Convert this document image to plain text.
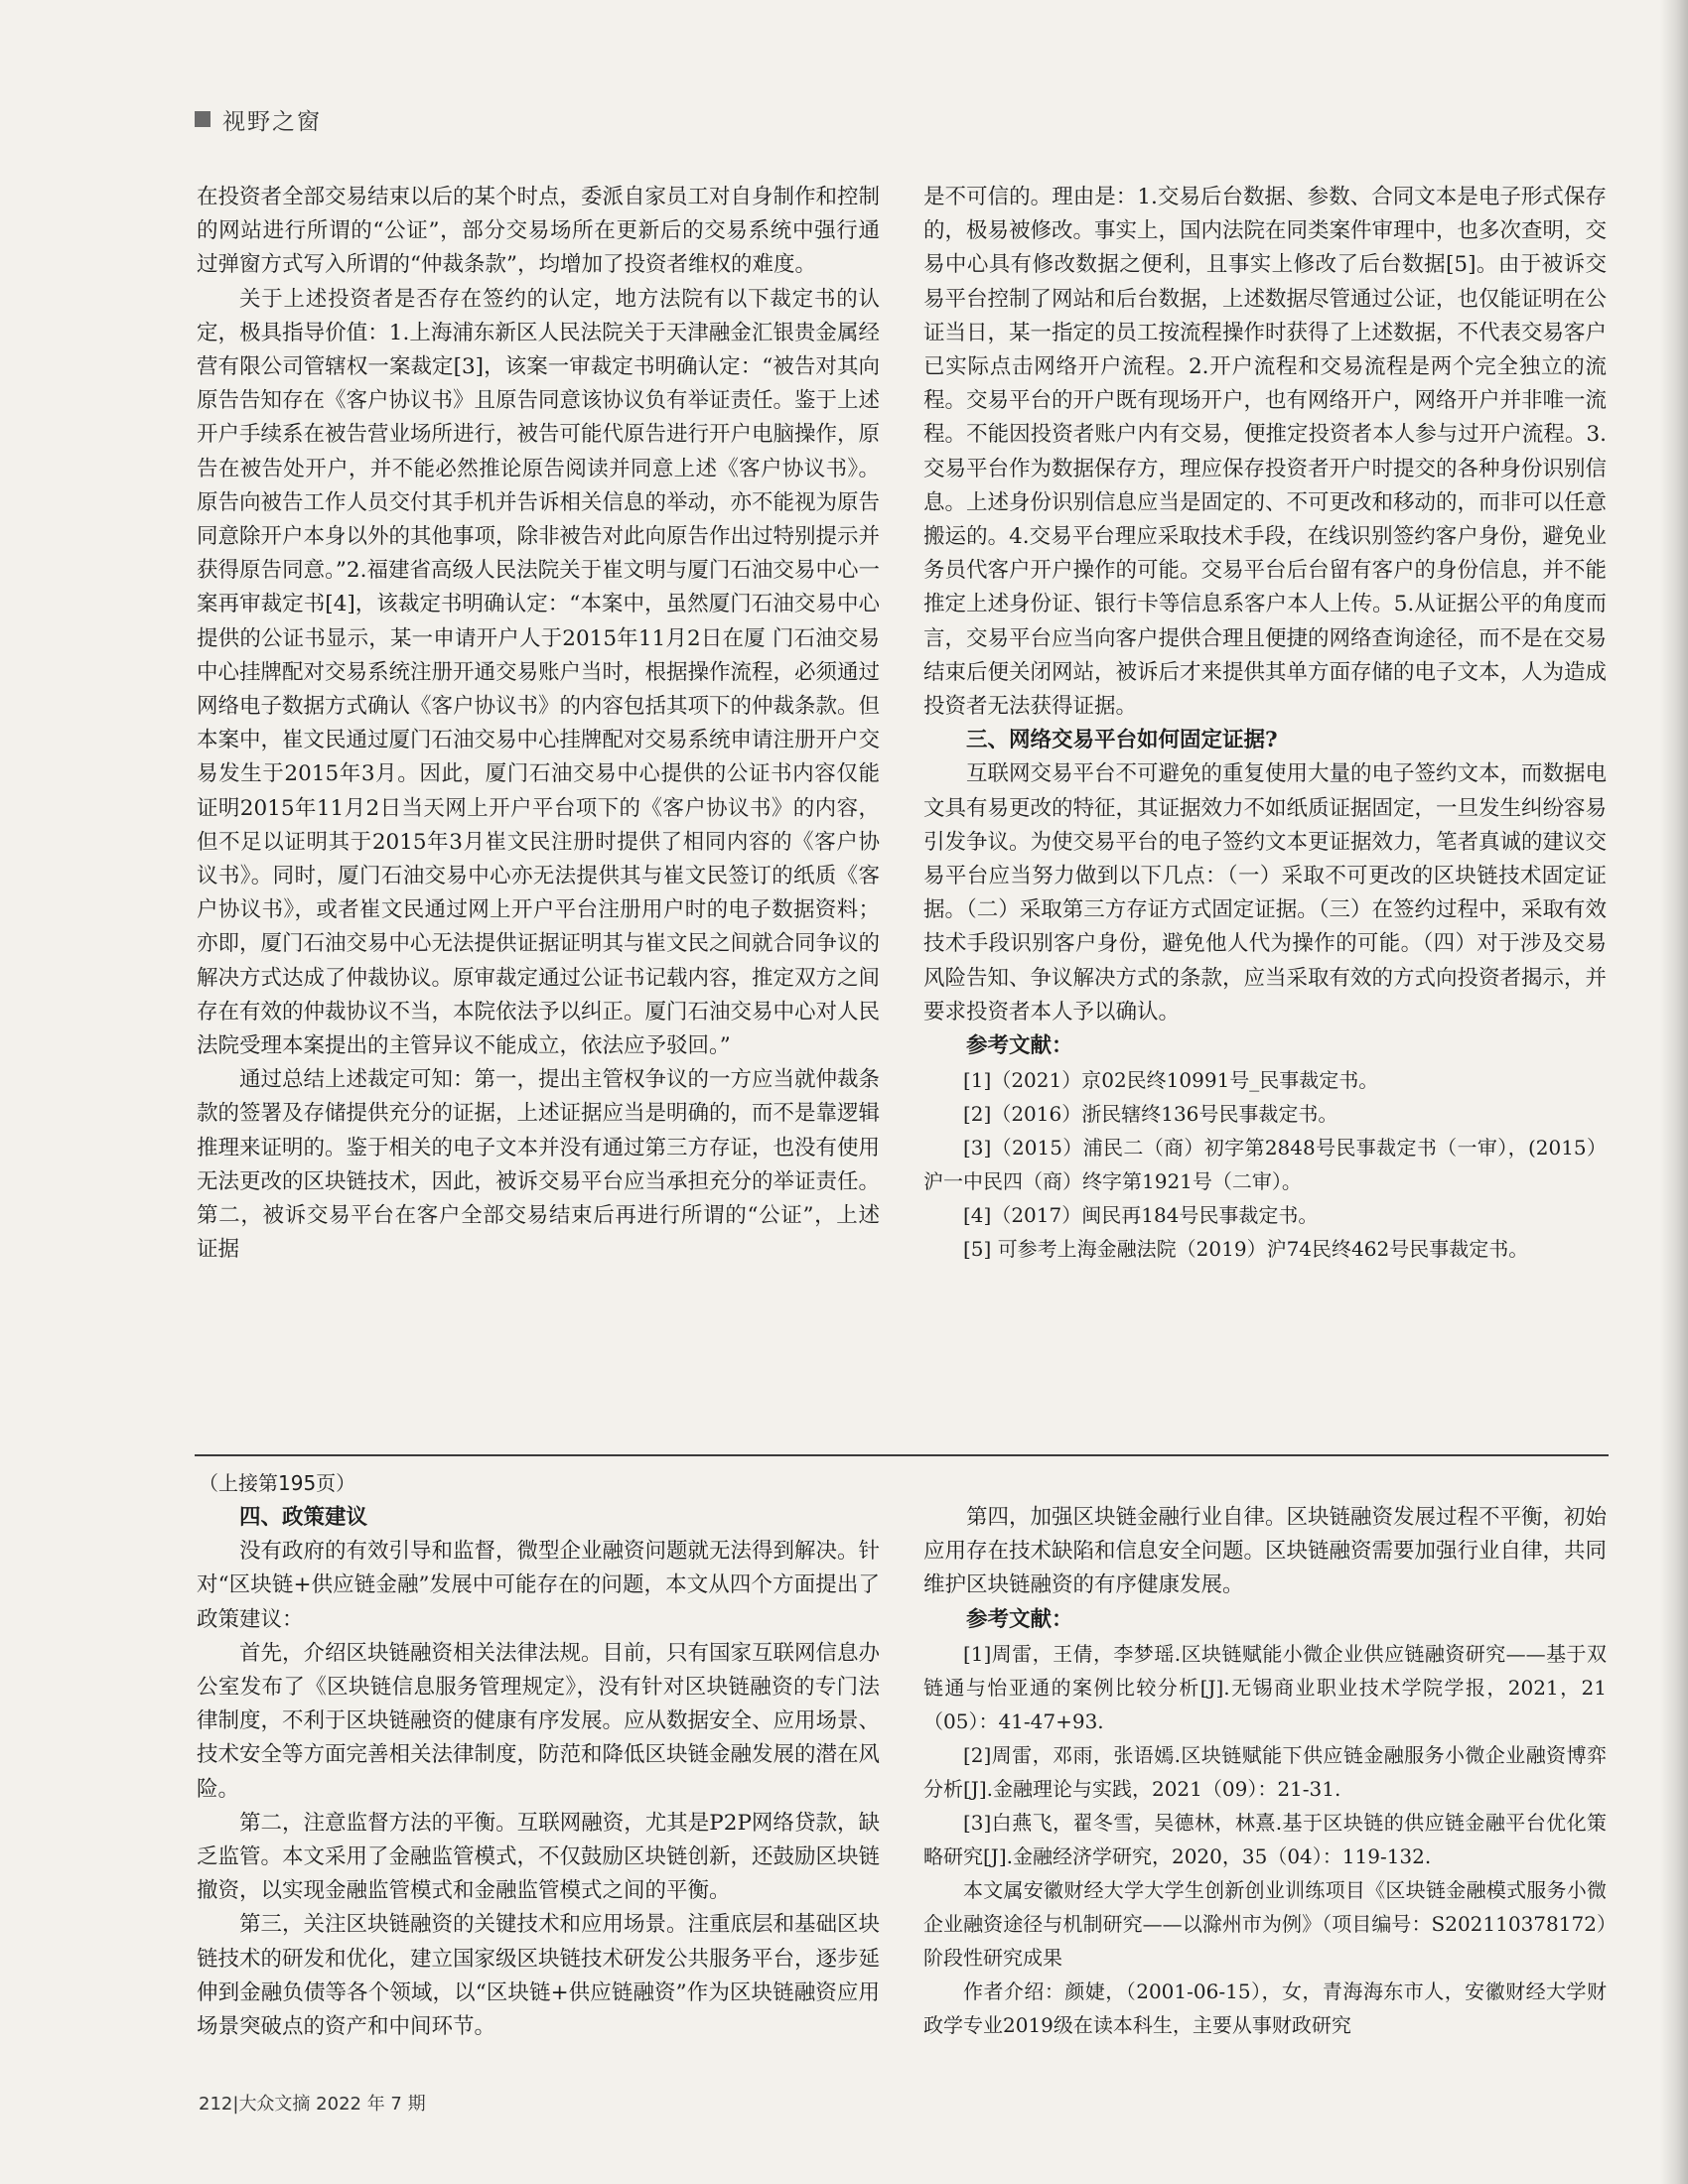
视野之窗

在投资者全部交易结束以后的某个时点，委派自家员工对自身制作和控制的网站进行所谓的“公证”，部分交易场所在更新后的交易系统中强行通过弹窗方式写入所谓的“仲裁条款”，均增加了投资者维权的难度。

关于上述投资者是否存在签约的认定，地方法院有以下裁定书的认定，极具指导价值：1.上海浦东新区人民法院关于天津融金汇银贵金属经营有限公司管辖权一案裁定[3]，该案一审裁定书明确认定：“被告对其向原告告知存在《客户协议书》且原告同意该协议负有举证责任。鉴于上述开户手续系在被告营业场所进行，被告可能代原告进行开户电脑操作，原告在被告处开户，并不能必然推论原告阅读并同意上述《客户协议书》。原告向被告工作人员交付其手机并告诉相关信息的举动，亦不能视为原告同意除开户本身以外的其他事项，除非被告对此向原告作出过特别提示并获得原告同意。”2.福建省高级人民法院关于崔文明与厦门石油交易中心一案再审裁定书[4]，该裁定书明确认定：“本案中，虽然厦门石油交易中心提供的公证书显示，某一申请开户人于2015年11月2日在厦 门石油交易中心挂牌配对交易系统注册开通交易账户当时，根据操作流程，必须通过网络电子数据方式确认《客户协议书》的内容包括其项下的仲裁条款。但本案中，崔文民通过厦门石油交易中心挂牌配对交易系统申请注册开户交易发生于2015年3月。因此，厦门石油交易中心提供的公证书内容仅能证明2015年11月2日当天网上开户平台项下的《客户协议书》的内容，但不足以证明其于2015年3月崔文民注册时提供了相同内容的《客户协议书》。同时，厦门石油交易中心亦无法提供其与崔文民签订的纸质《客户协议书》，或者崔文民通过网上开户平台注册用户时的电子数据资料；亦即，厦门石油交易中心无法提供证据证明其与崔文民之间就合同争议的解决方式达成了仲裁协议。原审裁定通过公证书记载内容，推定双方之间存在有效的仲裁协议不当，本院依法予以纠正。厦门石油交易中心对人民法院受理本案提出的主管异议不能成立，依法应予驳回。”

通过总结上述裁定可知：第一，提出主管权争议的一方应当就仲裁条款的签署及存储提供充分的证据，上述证据应当是明确的，而不是靠逻辑推理来证明的。鉴于相关的电子文本并没有通过第三方存证，也没有使用无法更改的区块链技术，因此，被诉交易平台应当承担充分的举证责任。第二，被诉交易平台在客户全部交易结束后再进行所谓的“公证”，上述证据

是不可信的。理由是：1.交易后台数据、参数、合同文本是电子形式保存的，极易被修改。事实上，国内法院在同类案件审理中，也多次查明，交易中心具有修改数据之便利，且事实上修改了后台数据[5]。由于被诉交易平台控制了网站和后台数据，上述数据尽管通过公证，也仅能证明在公证当日，某一指定的员工按流程操作时获得了上述数据，不代表交易客户已实际点击网络开户流程。2.开户流程和交易流程是两个完全独立的流程。交易平台的开户既有现场开户，也有网络开户，网络开户并非唯一流程。不能因投资者账户内有交易，便推定投资者本人参与过开户流程。3.交易平台作为数据保存方，理应保存投资者开户时提交的各种身份识别信息。上述身份识别信息应当是固定的、不可更改和移动的，而非可以任意搬运的。4.交易平台理应采取技术手段，在线识别签约客户身份，避免业务员代客户开户操作的可能。交易平台后台留有客户的身份信息，并不能推定上述身份证、银行卡等信息系客户本人上传。5.从证据公平的角度而言，交易平台应当向客户提供合理且便捷的网络查询途径，而不是在交易结束后便关闭网站，被诉后才来提供其单方面存储的电子文本，人为造成投资者无法获得证据。

三、网络交易平台如何固定证据?

互联网交易平台不可避免的重复使用大量的电子签约文本，而数据电文具有易更改的特征，其证据效力不如纸质证据固定，一旦发生纠纷容易引发争议。为使交易平台的电子签约文本更证据效力，笔者真诚的建议交易平台应当努力做到以下几点：（一）采取不可更改的区块链技术固定证据。（二）采取第三方存证方式固定证据。（三）在签约过程中，采取有效技术手段识别客户身份，避免他人代为操作的可能。（四）对于涉及交易风险告知、争议解决方式的条款，应当采取有效的方式向投资者揭示，并要求投资者本人予以确认。

参考文献：

[1]（2021）京02民终10991号_民事裁定书。

[2]（2016）浙民辖终136号民事裁定书。

[3]（2015）浦民二（商）初字第2848号民事裁定书（一审），(2015）沪一中民四（商）终字第1921号（二审）。

[4]（2017）闽民再184号民事裁定书。

[5] 可参考上海金融法院（2019）沪74民终462号民事裁定书。

（上接第195页）

四、政策建议

没有政府的有效引导和监督，微型企业融资问题就无法得到解决。针对“区块链+供应链金融”发展中可能存在的问题，本文从四个方面提出了政策建议：

首先，介绍区块链融资相关法律法规。目前，只有国家互联网信息办公室发布了《区块链信息服务管理规定》，没有针对区块链融资的专门法律制度，不利于区块链融资的健康有序发展。应从数据安全、应用场景、技术安全等方面完善相关法律制度，防范和降低区块链金融发展的潜在风险。

第二，注意监督方法的平衡。互联网融资，尤其是P2P网络贷款，缺乏监管。本文采用了金融监管模式，不仅鼓励区块链创新，还鼓励区块链撤资，以实现金融监管模式和金融监管模式之间的平衡。

第三，关注区块链融资的关键技术和应用场景。注重底层和基础区块链技术的研发和优化，建立国家级区块链技术研发公共服务平台，逐步延伸到金融负债等各个领域，以“区块链+供应链融资”作为区块链融资应用场景突破点的资产和中间环节。

第四，加强区块链金融行业自律。区块链融资发展过程不平衡，初始应用存在技术缺陷和信息安全问题。区块链融资需要加强行业自律，共同维护区块链融资的有序健康发展。

参考文献：

[1]周雷，王倩，李梦瑶.区块链赋能小微企业供应链融资研究——基于双链通与怡亚通的案例比较分析[J].无锡商业职业技术学院学报，2021，21（05）：41-47+93.

[2]周雷，邓雨，张语嫣.区块链赋能下供应链金融服务小微企业融资博弈分析[J].金融理论与实践，2021（09）：21-31.

[3]白燕飞，翟冬雪，吴德林，林熹.基于区块链的供应链金融平台优化策略研究[J].金融经济学研究，2020，35（04）：119-132.

本文属安徽财经大学大学生创新创业训练项目《区块链金融模式服务小微企业融资途径与机制研究——以滁州市为例》（项目编号：S202110378172）阶段性研究成果

作者介绍：颜婕，（2001-06-15），女，青海海东市人，安徽财经大学财政学专业2019级在读本科生，主要从事财政研究

212|大众文摘 2022 年 7 期
